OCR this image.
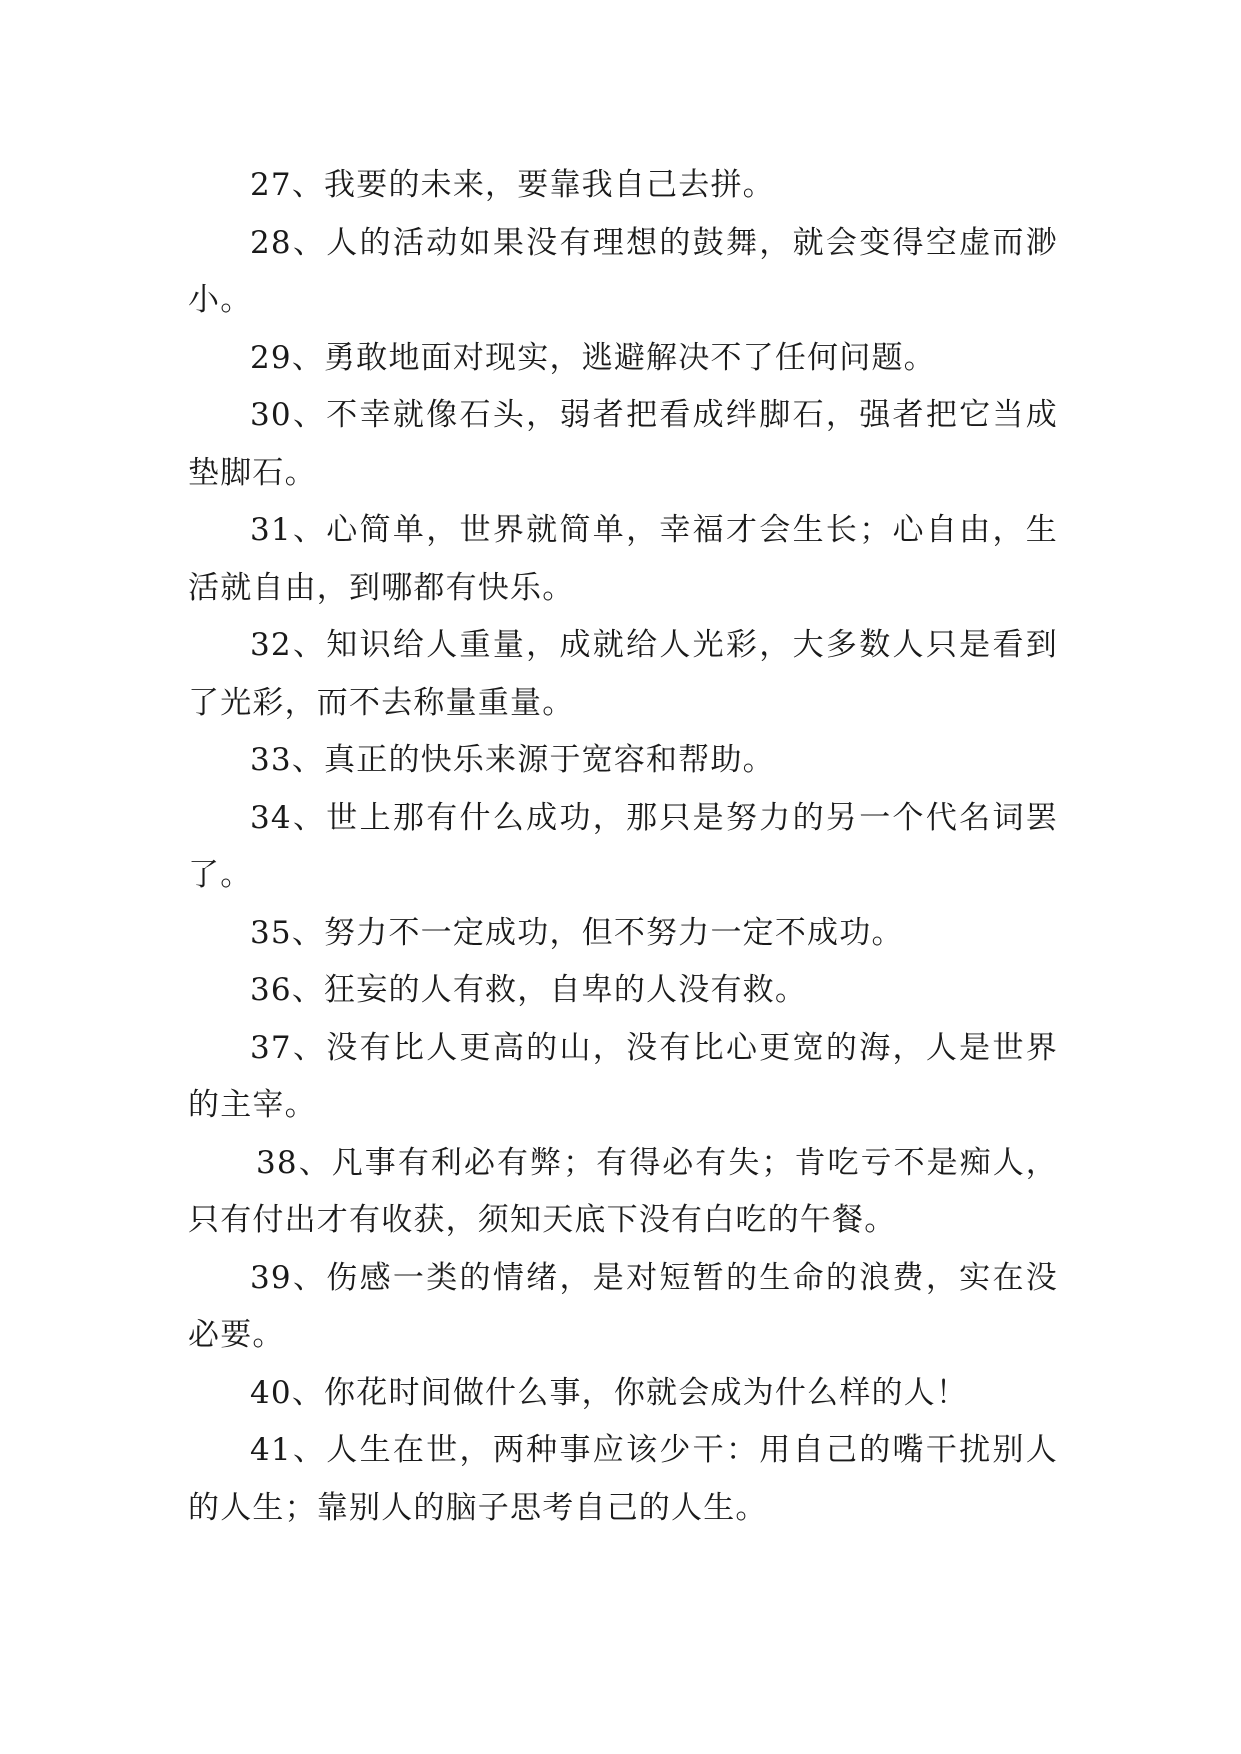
27、我要的未来，要靠我自己去拼。

28、人的活动如果没有理想的鼓舞，就会变得空虚而渺小。

29、勇敢地面对现实，逃避解决不了任何问题。

30、不幸就像石头，弱者把看成绊脚石，强者把它当成垫脚石。

31、心简单，世界就简单，幸福才会生长；心自由，生活就自由，到哪都有快乐。

32、知识给人重量，成就给人光彩，大多数人只是看到了光彩，而不去称量重量。

33、真正的快乐来源于宽容和帮助。

34、世上那有什么成功，那只是努力的另一个代名词罢了。

35、努力不一定成功，但不努力一定不成功。

36、狂妄的人有救，自卑的人没有救。

37、没有比人更高的山，没有比心更宽的海，人是世界的主宰。

38、凡事有利必有弊；有得必有失；肯吃亏不是痴人，只有付出才有收获，须知天底下没有白吃的午餐。

39、伤感一类的情绪，是对短暂的生命的浪费，实在没必要。

40、你花时间做什么事，你就会成为什么样的人！

41、人生在世，两种事应该少干：用自己的嘴干扰别人的人生；靠别人的脑子思考自己的人生。
